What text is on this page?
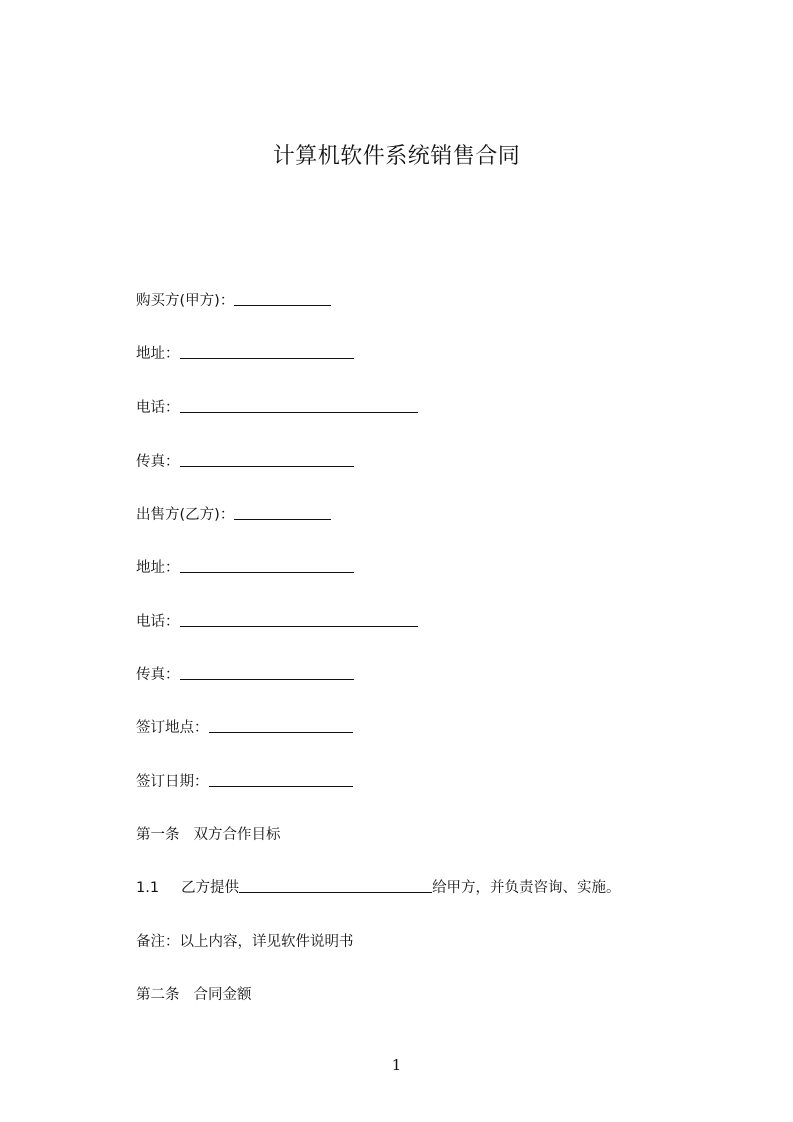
计算机软件系统销售合同
购买方(甲方)：
地址：
电话：
传真：
出售方(乙方)：
地址：
电话：
传真：
签订地点：
签订日期：
第一条 双方合作目标
1.1 乙方提供	给甲方，并负责咨询、实施。
备注：以上内容，详见软件说明书
第二条 合同金额
1
